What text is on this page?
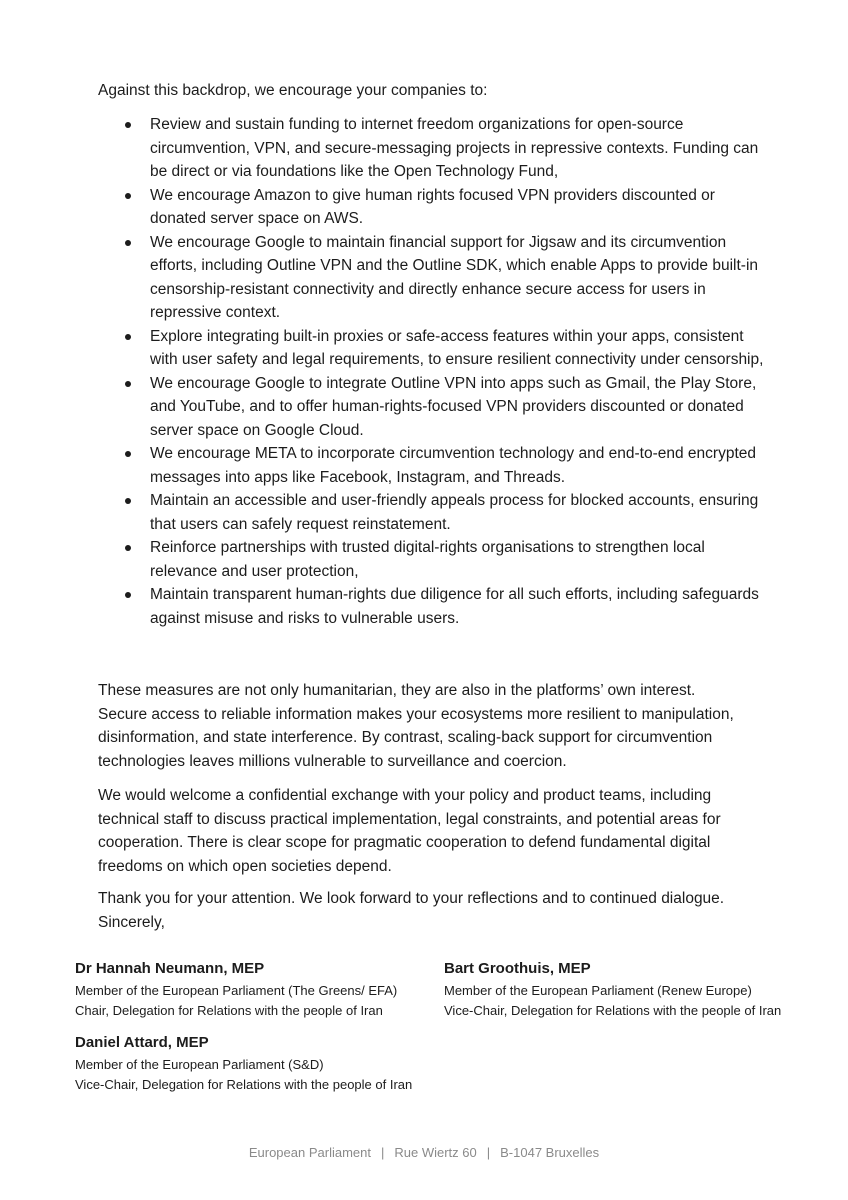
Against this backdrop, we encourage your companies to:

Review and sustain funding to internet freedom organizations for open-source circumvention, VPN, and secure-messaging projects in repressive contexts. Funding can be direct or via foundations like the Open Technology Fund,
We encourage Amazon to give human rights focused VPN providers discounted or donated server space on AWS.
We encourage Google to maintain financial support for Jigsaw and its circumvention efforts, including Outline VPN and the Outline SDK, which enable Apps to provide built-in censorship-resistant connectivity and directly enhance secure access for users in repressive context.
Explore integrating built-in proxies or safe-access features within your apps, consistent with user safety and legal requirements, to ensure resilient connectivity under censorship,
We encourage Google to integrate Outline VPN into apps such as Gmail, the Play Store, and YouTube, and to offer human-rights-focused VPN providers discounted or donated server space on Google Cloud.
We encourage META to incorporate circumvention technology and end-to-end encrypted messages into apps like Facebook, Instagram, and Threads.
Maintain an accessible and user-friendly appeals process for blocked accounts, ensuring that users can safely request reinstatement.
Reinforce partnerships with trusted digital-rights organisations to strengthen local relevance and user protection,
Maintain transparent human-rights due diligence for all such efforts, including safeguards against misuse and risks to vulnerable users.

These measures are not only humanitarian, they are also in the platforms’ own interest. Secure access to reliable information makes your ecosystems more resilient to manipulation, disinformation, and state interference. By contrast, scaling-back support for circumvention technologies leaves millions vulnerable to surveillance and coercion.

We would welcome a confidential exchange with your policy and product teams, including technical staff to discuss practical implementation, legal constraints, and potential areas for cooperation. There is clear scope for pragmatic cooperation to defend fundamental digital freedoms on which open societies depend.

Thank you for your attention. We look forward to your reflections and to continued dialogue.

Sincerely,

Dr Hannah Neumann, MEP
Member of the European Parliament (The Greens/ EFA)
Chair, Delegation for Relations with the people of Iran
Bart Groothuis, MEP
Member of the European Parliament (Renew Europe)
Vice-Chair, Delegation for Relations with the people of Iran
Daniel Attard, MEP
Member of the European Parliament (S&D)
Vice-Chair, Delegation for Relations with the people of Iran
European Parliament | Rue Wiertz 60 | B-1047 Bruxelles
